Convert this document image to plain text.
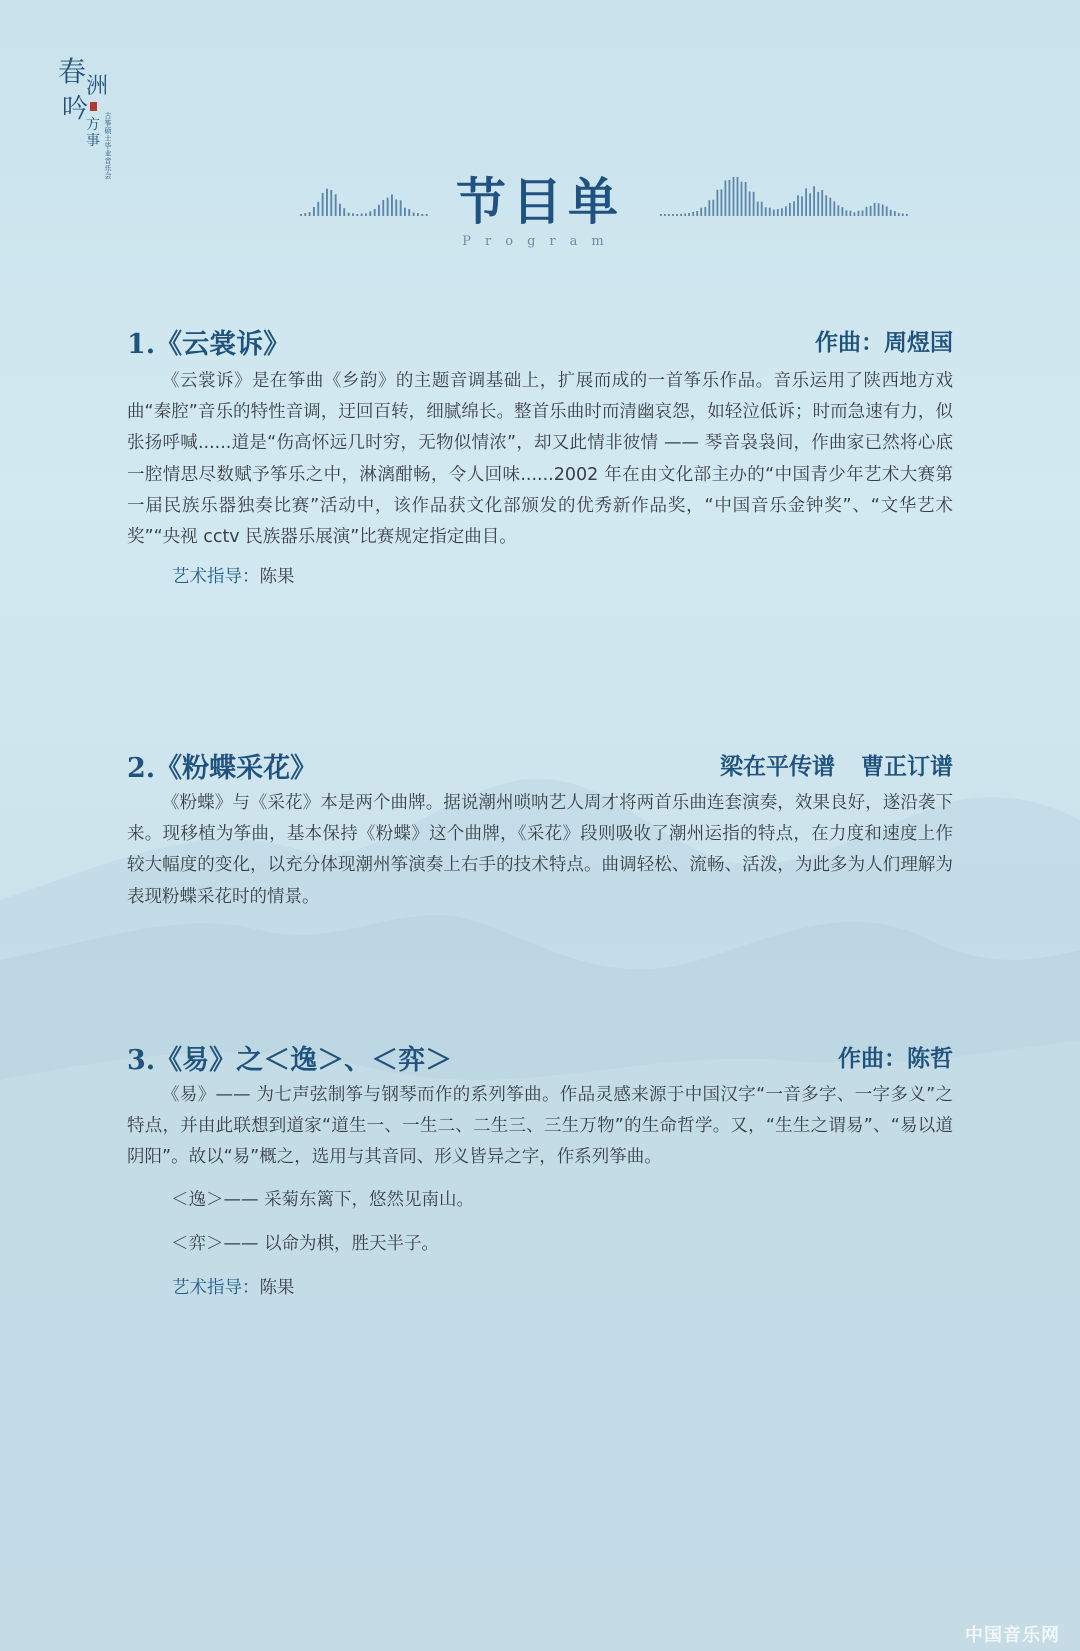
春 洲
吟
方
事 古筝硕士毕业音乐会
节目单
Program
1.《云裳诉》	作曲：周煜国

《云裳诉》是在筝曲《乡韵》的主题音调基础上，扩展而成的一首筝乐作品。音乐运用了陕西地方戏曲“秦腔”音乐的特性音调，迂回百转，细腻绵长。整首乐曲时而清幽哀怨，如轻泣低诉；时而急速有力，似张扬呼喊......道是“伤高怀远几时穷，无物似情浓”，却又此情非彼情 —— 琴音袅袅间，作曲家已然将心底一腔情思尽数赋予筝乐之中，淋漓酣畅，令人回味......2002 年在由文化部主办的“中国青少年艺术大赛第一届民族乐器独奏比赛”活动中，该作品获文化部颁发的优秀新作品奖，“中国音乐金钟奖”、“文华艺术奖”“央视 cctv 民族器乐展演”比赛规定指定曲目。

艺术指导：陈果
2.《粉蝶采花》	梁在平传谱 曹正订谱

《粉蝶》与《采花》本是两个曲牌。据说潮州唢呐艺人周才将两首乐曲连套演奏，效果良好，遂沿袭下来。现移植为筝曲，基本保持《粉蝶》这个曲牌，《采花》段则吸收了潮州运指的特点，在力度和速度上作较大幅度的变化，以充分体现潮州筝演奏上右手的技术特点。曲调轻松、流畅、活泼，为此多为人们理解为表现粉蝶采花时的情景。

3.《易》之＜逸＞、＜弈＞	作曲：陈哲

《易》—— 为七声弦制筝与钢琴而作的系列筝曲。作品灵感来源于中国汉字“一音多字、一字多义”之特点，并由此联想到道家“道生一、一生二、二生三、三生万物”的生命哲学。又，“生生之谓易”、“易以道阴阳”。故以“易”概之，选用与其音同、形义皆异之字，作系列筝曲。

＜逸＞—— 采菊东篱下，悠然见南山。

＜弈＞—— 以命为棋，胜天半子。

艺术指导：陈果
中国音乐网
